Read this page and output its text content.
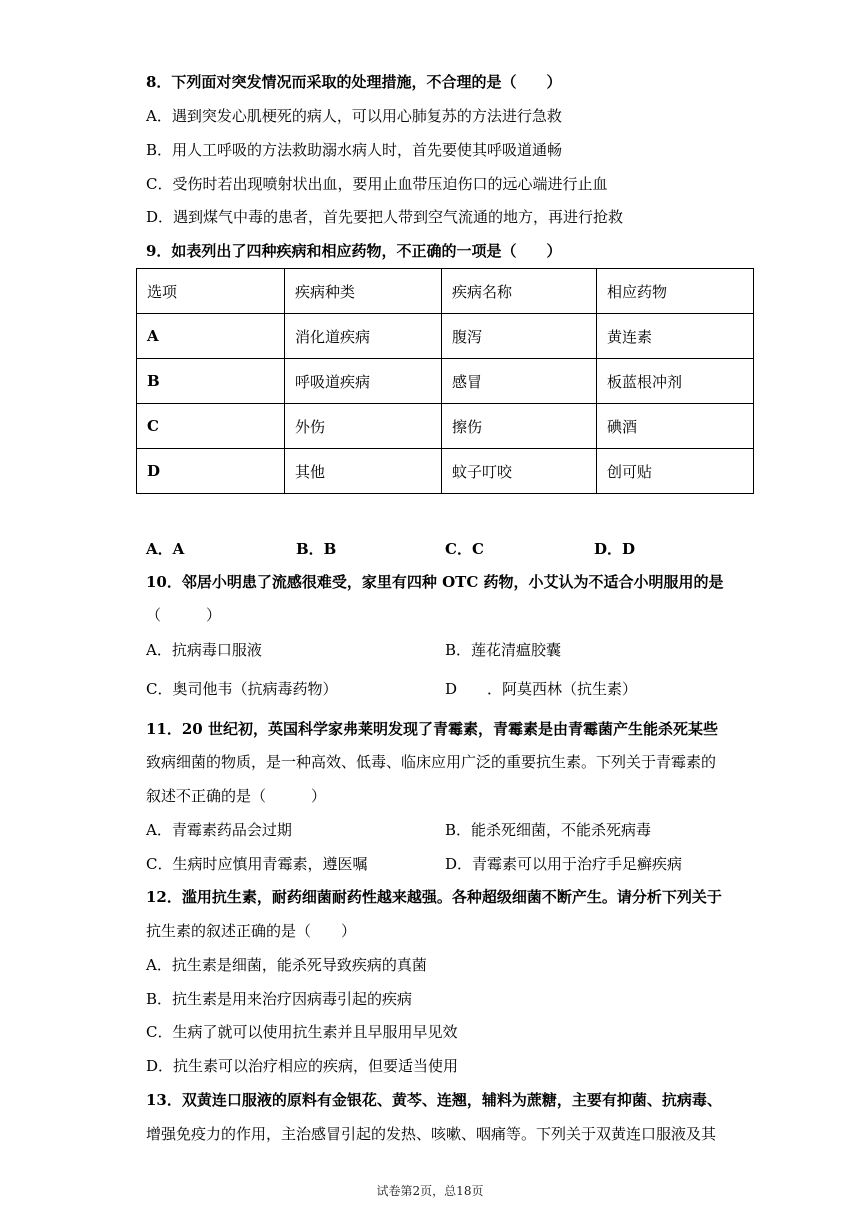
8．下列面对突发情况而采取的处理措施，不合理的是（　　）
A．遇到突发心肌梗死的病人，可以用心肺复苏的方法进行急救
B．用人工呼吸的方法救助溺水病人时，首先要使其呼吸道通畅
C．受伤时若出现喷射状出血，要用止血带压迫伤口的远心端进行止血
D．遇到煤气中毒的患者，首先要把人带到空气流通的地方，再进行抢救
9．如表列出了四种疾病和相应药物，不正确的一项是（　　）
选项	疾病种类	疾病名称	相应药物
A	消化道疾病	腹泻	黄连素
B	呼吸道疾病	感冒	板蓝根冲剂
C	外伤	擦伤	碘酒
D	其他	蚊子叮咬	创可贴
A．A	B．B	C．C	D．D
10．邻居小明患了流感很难受，家里有四种 OTC 药物，小艾认为不适合小明服用的是
（　　　）
A．抗病毒口服液	B．莲花清瘟胶囊
C．奥司他韦（抗病毒药物）	D　　．阿莫西林（抗生素）
11．20 世纪初，英国科学家弗莱明发现了青霉素，青霉素是由青霉菌产生能杀死某些
致病细菌的物质，是一种高效、低毒、临床应用广泛的重要抗生素。下列关于青霉素的
叙述不正确的是（　　　）
A．青霉素药品会过期	B．能杀死细菌，不能杀死病毒
C．生病时应慎用青霉素，遵医嘱	D．青霉素可以用于治疗手足癣疾病
12．滥用抗生素，耐药细菌耐药性越来越强。各种超级细菌不断产生。请分析下列关于
抗生素的叙述正确的是（　　）
A．抗生素是细菌，能杀死导致疾病的真菌
B．抗生素是用来治疗因病毒引起的疾病
C．生病了就可以使用抗生素并且早服用早见效
D．抗生素可以治疗相应的疾病，但要适当使用
13．双黄连口服液的原料有金银花、黄芩、连翘，辅料为蔗糖，主要有抑菌、抗病毒、
增强免疫力的作用，主治感冒引起的发热、咳嗽、咽痛等。下列关于双黄连口服液及其
试卷第2页，总18页
